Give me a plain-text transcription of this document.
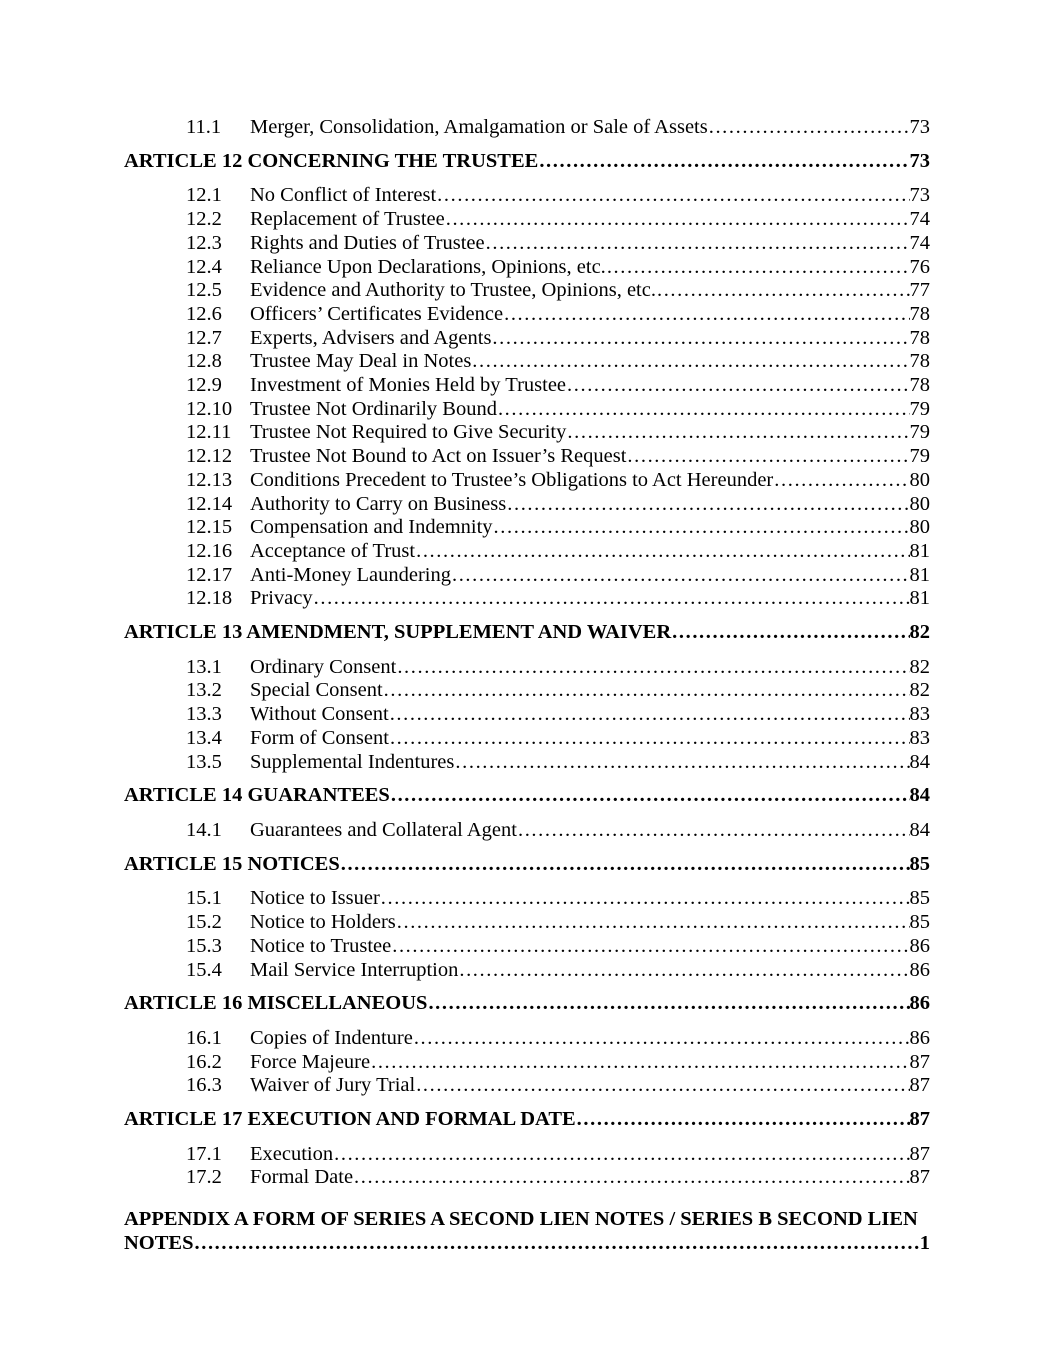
11.1	Merger, Consolidation, Amalgamation or Sale of Assets .....	73
ARTICLE 12 CONCERNING THE TRUSTEE .....	73
12.1	No Conflict of Interest .....	73
12.2	Replacement of Trustee .....	74
12.3	Rights and Duties of Trustee .....	74
12.4	Reliance Upon Declarations, Opinions, etc. .....	76
12.5	Evidence and Authority to Trustee, Opinions, etc. .....	77
12.6	Officers’ Certificates Evidence .....	78
12.7	Experts, Advisers and Agents .....	78
12.8	Trustee May Deal in Notes .....	78
12.9	Investment of Monies Held by Trustee .....	78
12.10 Trustee Not Ordinarily Bound .....	79
12.11 Trustee Not Required to Give Security .....	79
12.12 Trustee Not Bound to Act on Issuer’s Request .....	79
12.13 Conditions Precedent to Trustee’s Obligations to Act Hereunder .....	80
12.14 Authority to Carry on Business .....	80
12.15 Compensation and Indemnity .....	80
12.16 Acceptance of Trust .....	81
12.17 Anti-Money Laundering .....	81
12.18 Privacy .....	81
ARTICLE 13 AMENDMENT, SUPPLEMENT AND WAIVER .....	82
13.1	Ordinary Consent .....	82
13.2	Special Consent .....	82
13.3	Without Consent .....	83
13.4	Form of Consent .....	83
13.5	Supplemental Indentures .....	84
ARTICLE 14 GUARANTEES .....	84
14.1	Guarantees and Collateral Agent .....	84
ARTICLE 15 NOTICES .....	85
15.1	Notice to Issuer .....	85
15.2	Notice to Holders .....	85
15.3	Notice to Trustee .....	86
15.4	Mail Service Interruption .....	86
ARTICLE 16 MISCELLANEOUS .....	86
16.1	Copies of Indenture .....	86
16.2	Force Majeure .....	87
16.3	Waiver of Jury Trial .....	87
ARTICLE 17 EXECUTION AND FORMAL DATE .....	87
17.1	Execution .....	87
17.2	Formal Date .....	87
APPENDIX A FORM OF SERIES A SECOND LIEN NOTES / SERIES B SECOND LIEN
NOTES .....	1
